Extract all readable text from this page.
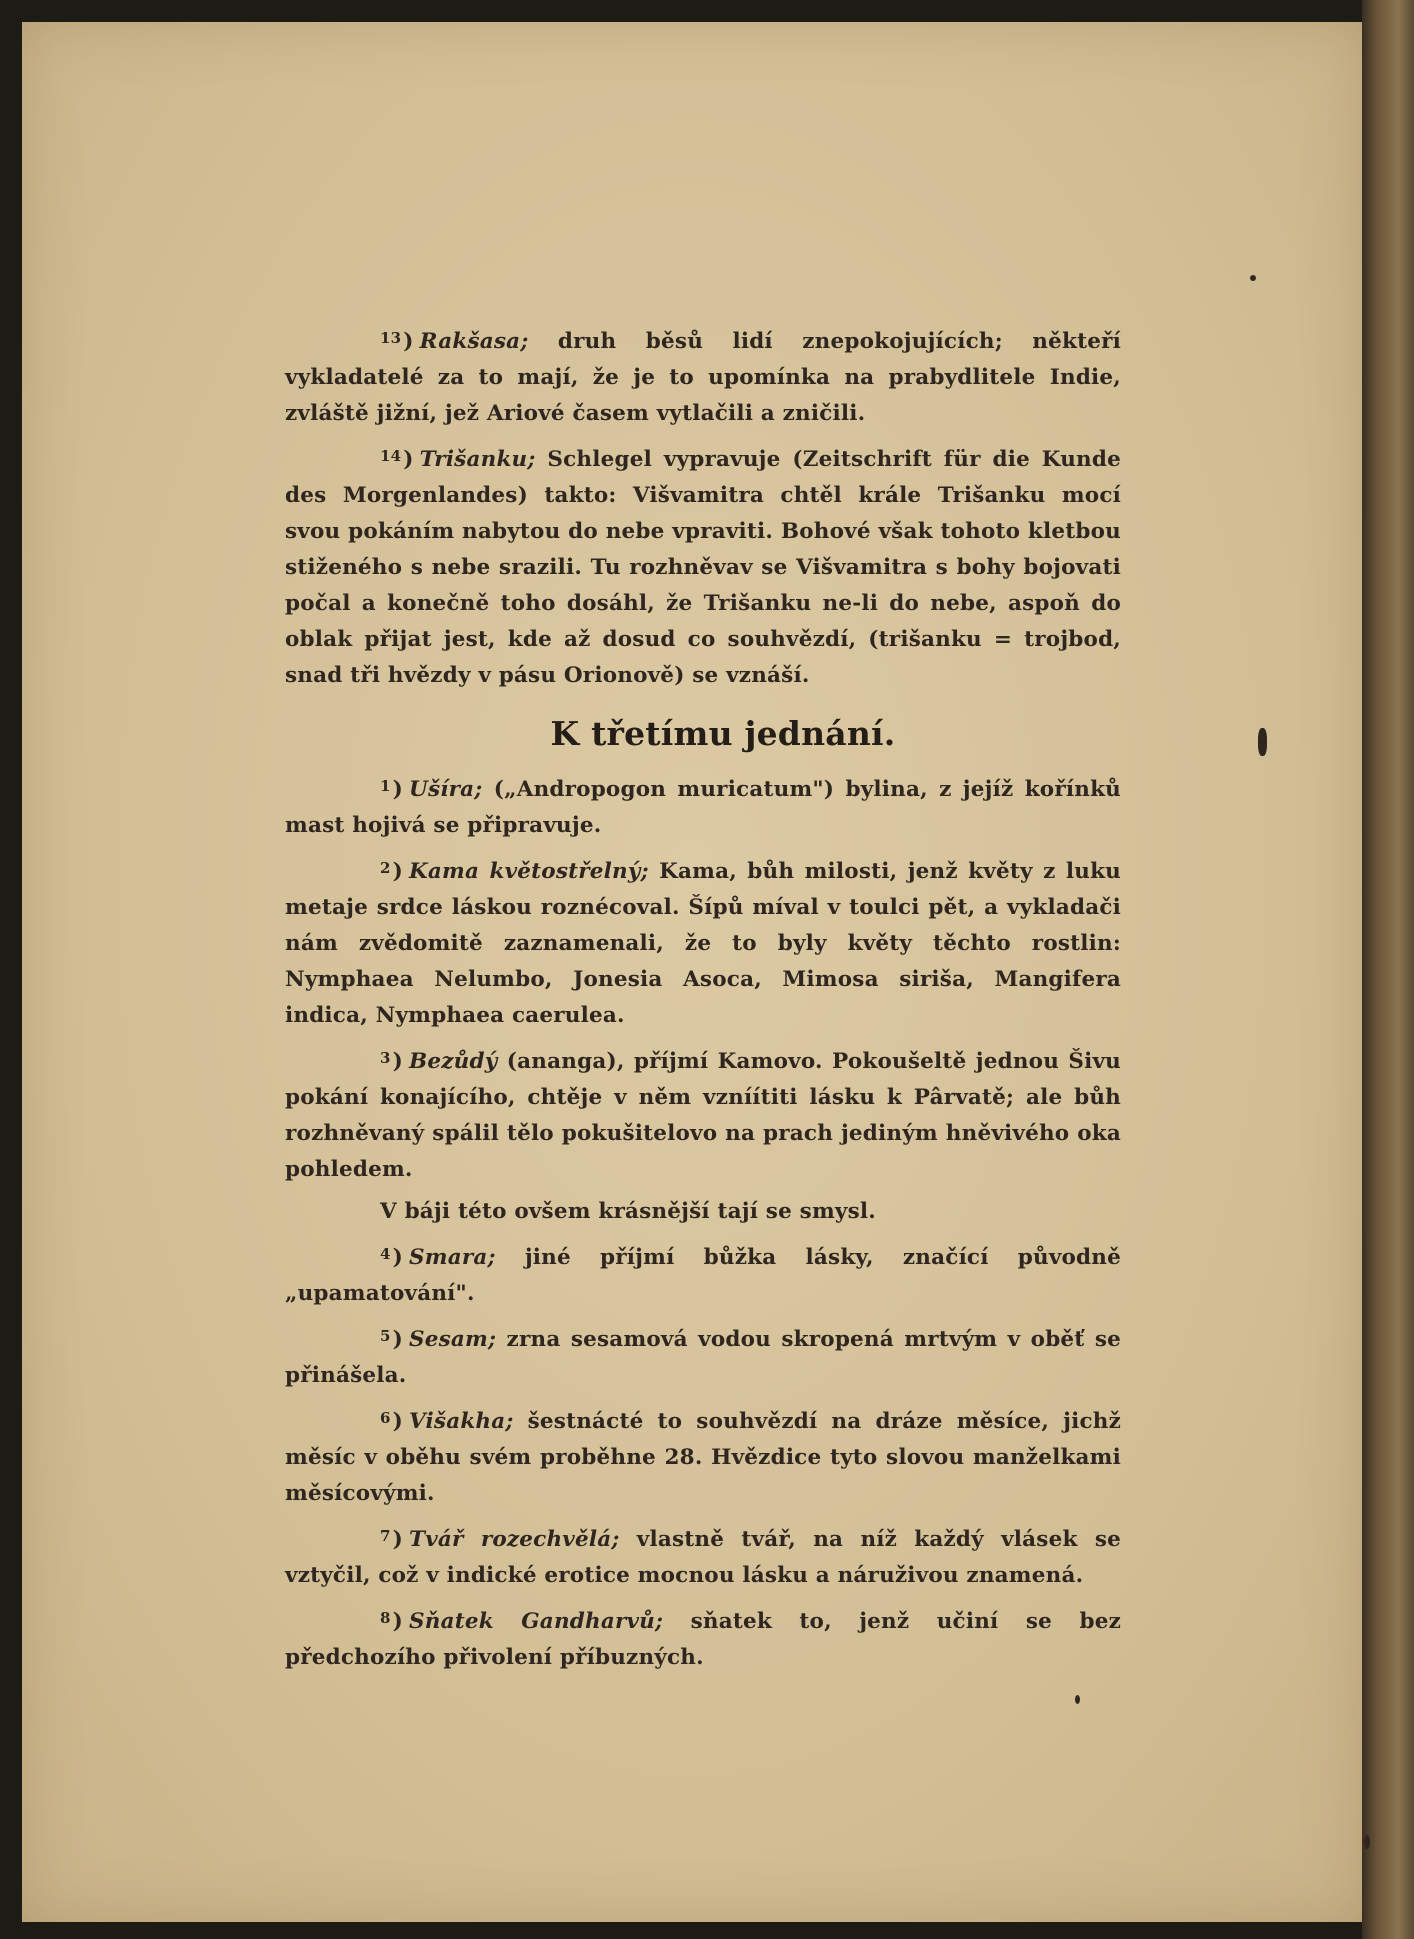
$^{13}$) Rakšasa; druh běsů lidí znepokojujících; někteří vykladatelé za to mají, že je to upomínka na prabydlitele Indie, zvláště jižní, jež Ariové časem vytlačili a zničili.
$^{14}$) Trišanku; Schlegel vypravuje (Zeitschrift für die Kunde des Morgenlandes) takto: Višvamitra chtěl krále Trišanku mocí svou pokáním nabytou do nebe vpraviti. Bohové však tohoto kletbou stiženého s nebe srazili. Tu rozhněvav se Višvamitra s bohy bojovati počal a konečně toho dosáhl, že Trišanku ne-li do nebe, aspoň do oblak přijat jest, kde až dosud co souhvězdí, (trišanku = trojbod, snad tři hvězdy v pásu Orionově) se vznáší.
K třetímu jednání.
$^1$) Ušíra; („Andropogon muricatum") bylina, z jejíž kořínků mast hojivá se připravuje.
$^2$) Kama květostřelný; Kama, bůh milosti, jenž květy z luku metaje srdce láskou roznécoval. Šípů míval v toulci pět, a vykladači nám zvědomitě zaznamenali, že to byly květy těchto rostlin: Nymphaea Nelumbo, Jonesia Asoca, Mimosa siriša, Mangifera indica, Nymphaea caerulea.
$^3$) Bezůdý (ananga), příjmí Kamovo. Pokoušeltě jednou Šivu pokání konajícího, chtěje v něm vzníítiti lásku k Pârvatě; ale bůh rozhněvaný spálil tělo pokušitelovo na prach jediným hněvivého oka pohledem.
V báji této ovšem krásnější tají se smysl.
$^4$) Smara; jiné příjmí bůžka lásky, značící původně „upamatování".
$^5$) Sesam; zrna sesamová vodou skropená mrtvým v oběť se přinášela.
$^6$) Višakha; šestnácté to souhvězdí na dráze měsíce, jichž měsíc v oběhu svém proběhne 28. Hvězdice tyto slovou manželkami měsícovými.
$^7$) Tvář rozechvělá; vlastně tvář, na níž každý vlásek se vztyčil, což v indické erotice mocnou lásku a náruživou znamená.
$^8$) Sňatek Gandharvů; sňatek to, jenž učiní se bez předchozího přivolení příbuzných.
